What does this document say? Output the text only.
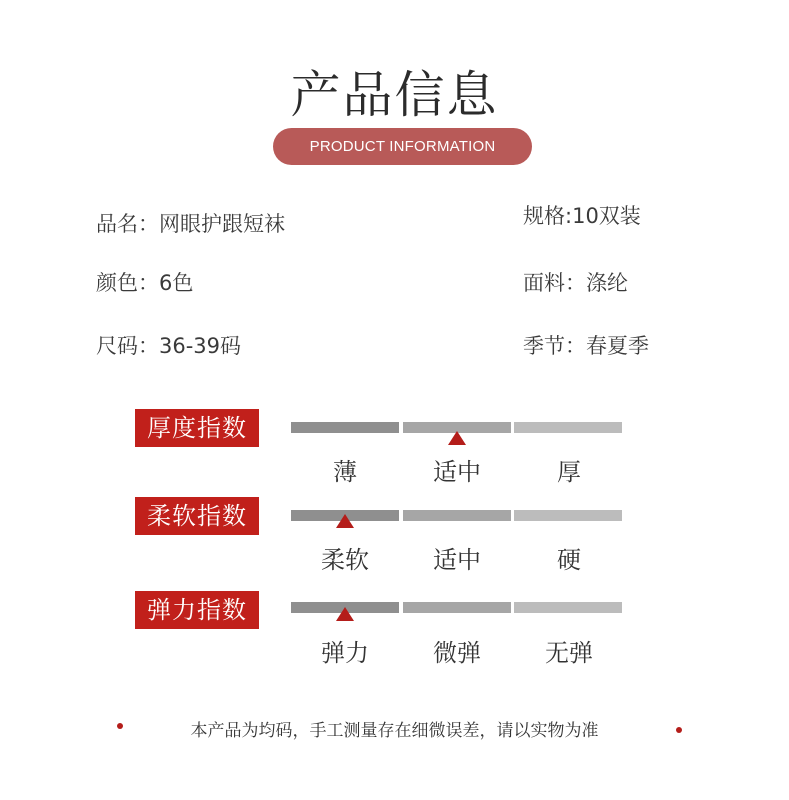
产品信息
PRODUCT INFORMATION
品名：网眼护跟短袜	规格:10双装
颜色：6色	面料：涤纶
尺码：36-39码	季节：春夏季
厚度指数
薄	适中	厚
柔软指数
柔软	适中	硬
弹力指数
弹力	微弹	无弹
本产品为均码，手工测量存在细微误差，请以实物为准
